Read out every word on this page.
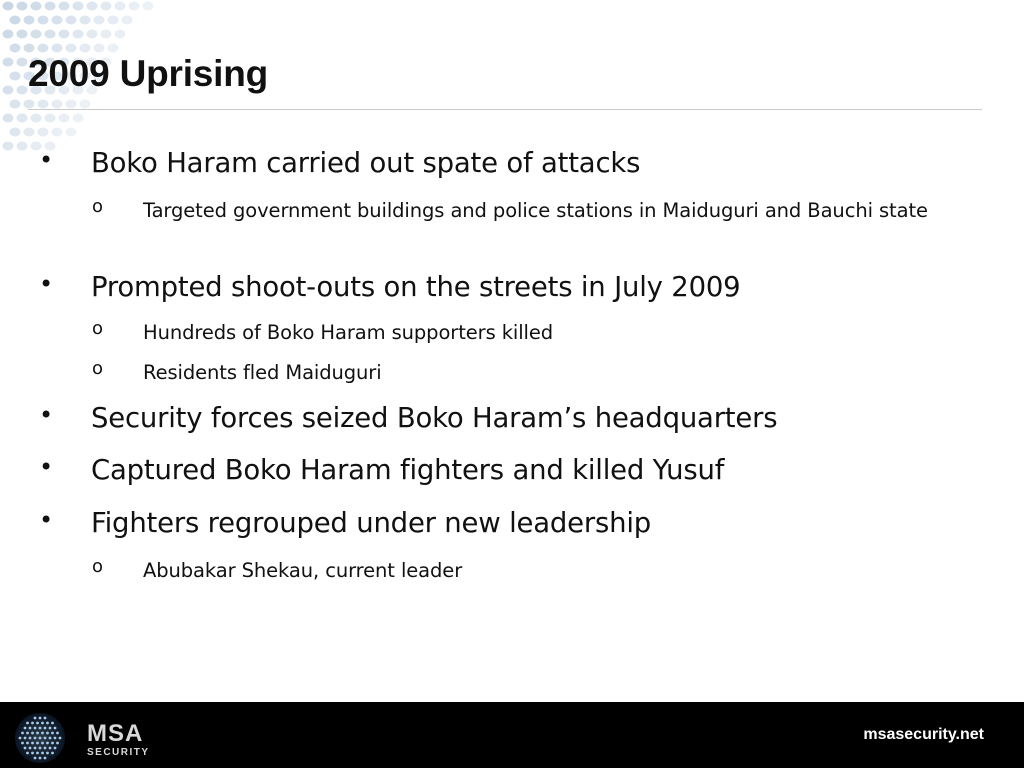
2009 Uprising
• Boko Haram carried out spate of attacks
o Targeted government buildings and police stations in Maiduguri and Bauchi state
• Prompted shoot-outs on the streets in July 2009
o Hundreds of Boko Haram supporters killed
o Residents fled Maiduguri
• Security forces seized Boko Haram’s headquarters
• Captured Boko Haram fighters and killed Yusuf
• Fighters regrouped under new leadership
o Abubakar Shekau, current leader
MSA
SECURITY
msasecurity.net
